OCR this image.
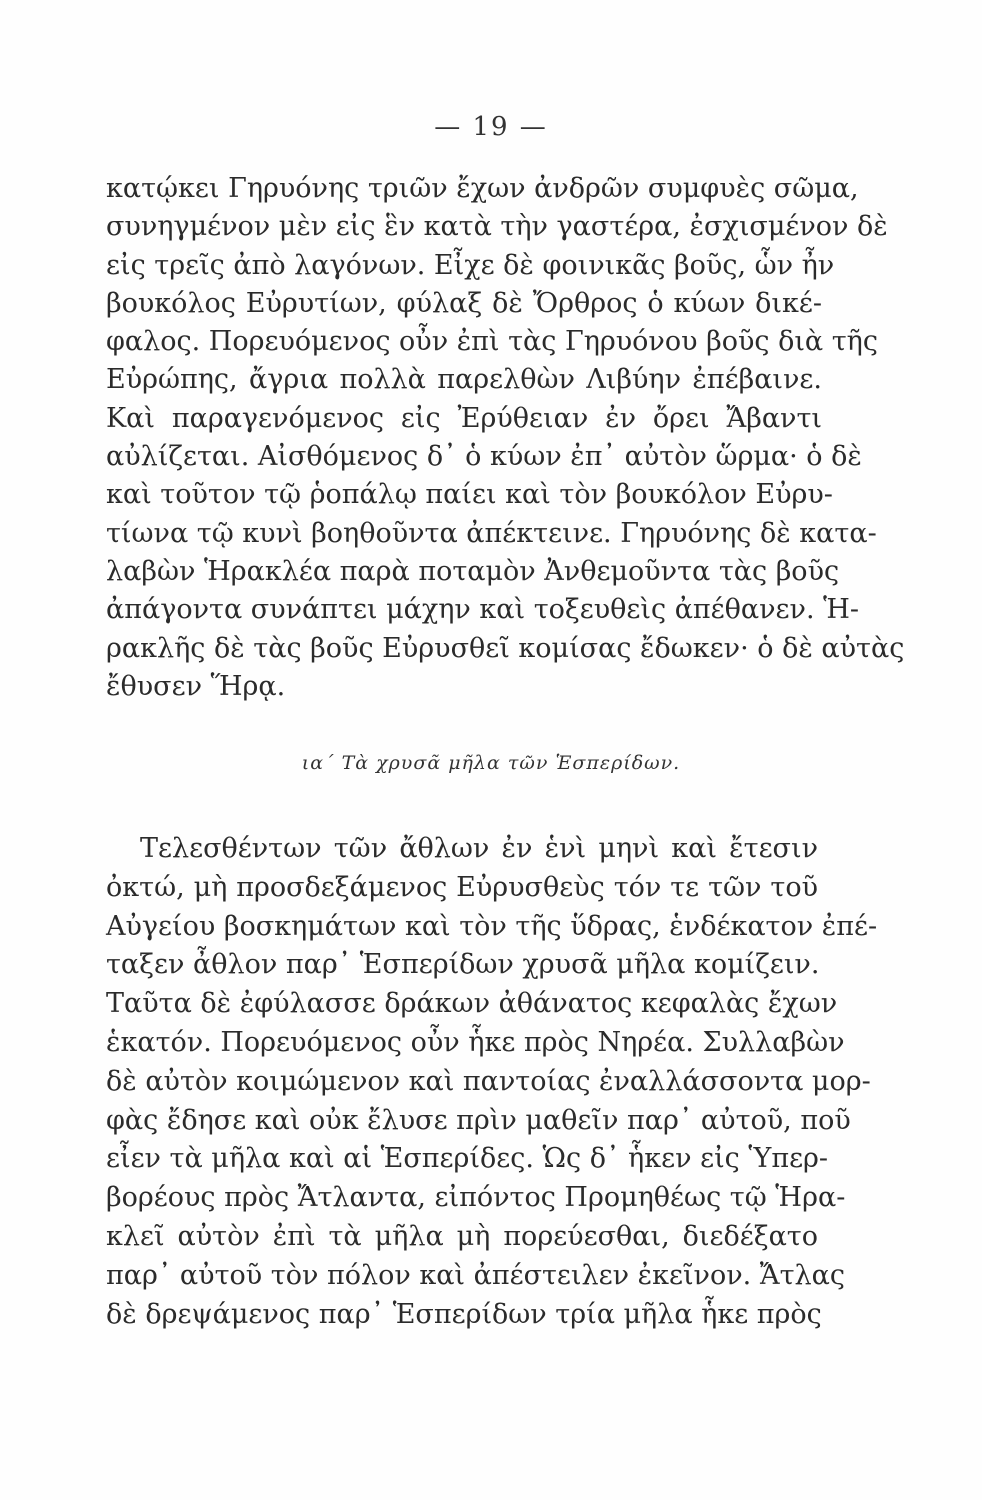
— 19 —
κατῴκει Γηρυόνης τριῶν ἔχων ἀνδρῶν συμφυὲς σῶμα,
συνηγμένον μὲν εἰς ἓν κατὰ τὴν γαστέρα, ἐσχισμένον δὲ
εἰς τρεῖς ἀπὸ λαγόνων. Εἶχε δὲ φοινικᾶς βοῦς, ὧν ἦν
βουκόλος Εὐρυτίων, φύλαξ δὲ Ὄρθρος ὁ κύων δικέ-
φαλος. Πορευόμενος οὖν ἐπὶ τὰς Γηρυόνου βοῦς διὰ τῆς
Εὐρώπης, ἄγρια πολλὰ παρελθὼν Λιβύην ἐπέβαινε.
Καὶ παραγενόμενος εἰς Ἐρύθειαν ἐν ὄρει Ἄβαντι
αὐλίζεται. Αἰσθόμενος δ᾽ ὁ κύων ἐπ᾽ αὐτὸν ὥρμα· ὁ δὲ
καὶ τοῦτον τῷ ῥοπάλῳ παίει καὶ τὸν βουκόλον Εὐρυ-
τίωνα τῷ κυνὶ βοηθοῦντα ἀπέκτεινε. Γηρυόνης δὲ κατα-
λαβὼν Ἡρακλέα παρὰ ποταμὸν Ἀνθεμοῦντα τὰς βοῦς
ἀπάγοντα συνάπτει μάχην καὶ τοξευθεὶς ἀπέθανεν. Ἡ-
ρακλῆς δὲ τὰς βοῦς Εὐρυσθεῖ κομίσας ἔδωκεν· ὁ δὲ αὐτὰς
ἔθυσεν Ἥρᾳ.
ια΄ Τὰ χρυσᾶ μῆλα τῶν Ἑσπερίδων.
Τελεσθέντων τῶν ἄθλων ἐν ἑνὶ μηνὶ καὶ ἔτεσιν
ὀκτώ, μὴ προσδεξάμενος Εὐρυσθεὺς τόν τε τῶν τοῦ
Αὐγείου βοσκημάτων καὶ τὸν τῆς ὕδρας, ἑνδέκατον ἐπέ-
ταξεν ἆθλον παρ᾽ Ἑσπερίδων χρυσᾶ μῆλα κομίζειν.
Ταῦτα δὲ ἐφύλασσε δράκων ἀθάνατος κεφαλὰς ἔχων
ἑκατόν. Πορευόμενος οὖν ἧκε πρὸς Νηρέα. Συλλαβὼν
δὲ αὐτὸν κοιμώμενον καὶ παντοίας ἐναλλάσσοντα μορ-
φὰς ἔδησε καὶ οὐκ ἔλυσε πρὶν μαθεῖν παρ᾽ αὐτοῦ, ποῦ
εἶεν τὰ μῆλα καὶ αἱ Ἑσπερίδες. Ὡς δ᾽ ἧκεν εἰς Ὑπερ-
βορέους πρὸς Ἄτλαντα, εἰπόντος Προμηθέως τῷ Ἡρα-
κλεῖ αὐτὸν ἐπὶ τὰ μῆλα μὴ πορεύεσθαι, διεδέξατο
παρ᾽ αὐτοῦ τὸν πόλον καὶ ἀπέστειλεν ἐκεῖνον. Ἄτλας
δὲ δρεψάμενος παρ᾽ Ἑσπερίδων τρία μῆλα ἧκε πρὸς
